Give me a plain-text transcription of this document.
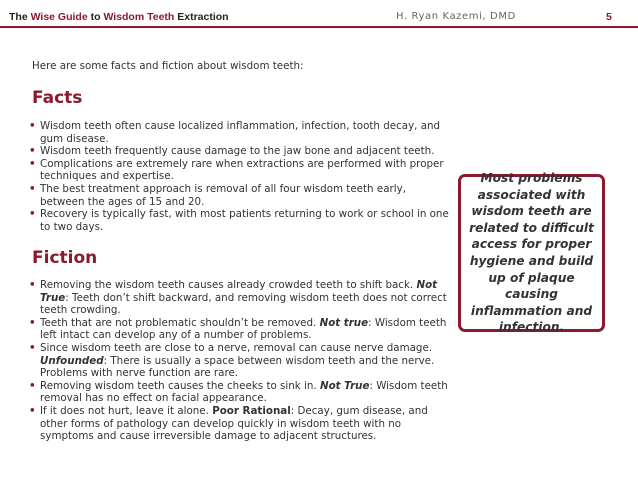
The Wise Guide to Wisdom Teeth Extraction	H. Ryan Kazemi, DMD	5
Here are some facts and fiction about wisdom teeth:
Facts
• Wisdom teeth often cause localized inflammation, infection, tooth decay, and gum disease.
• Wisdom teeth frequently cause damage to the jaw bone and adjacent teeth.
• Complications are extremely rare when extractions are performed with proper techniques and expertise.
• The best treatment approach is removal of all four wisdom teeth early, between the ages of 15 and 20.
• Recovery is typically fast, with most patients returning to work or school in one to two days.
Fiction
• Removing the wisdom teeth causes already crowded teeth to shift back. Not True: Teeth don’t shift backward, and removing wisdom teeth does not correct teeth crowding.
• Teeth that are not problematic shouldn’t be removed. Not true: Wisdom teeth left intact can develop any of a number of problems.
• Since wisdom teeth are close to a nerve, removal can cause nerve damage. Unfounded: There is usually a space between wisdom teeth and the nerve. Problems with nerve function are rare.
• Removing wisdom teeth causes the cheeks to sink in. Not True: Wisdom teeth removal has no effect on facial appearance.
• If it does not hurt, leave it alone. Poor Rational: Decay, gum disease, and other forms of pathology can develop quickly in wisdom teeth with no symptoms and cause irreversible damage to adjacent structures.
Most problems associated with wisdom teeth are related to difficult access for proper hygiene and build up of plaque causing inflammation and infection.
